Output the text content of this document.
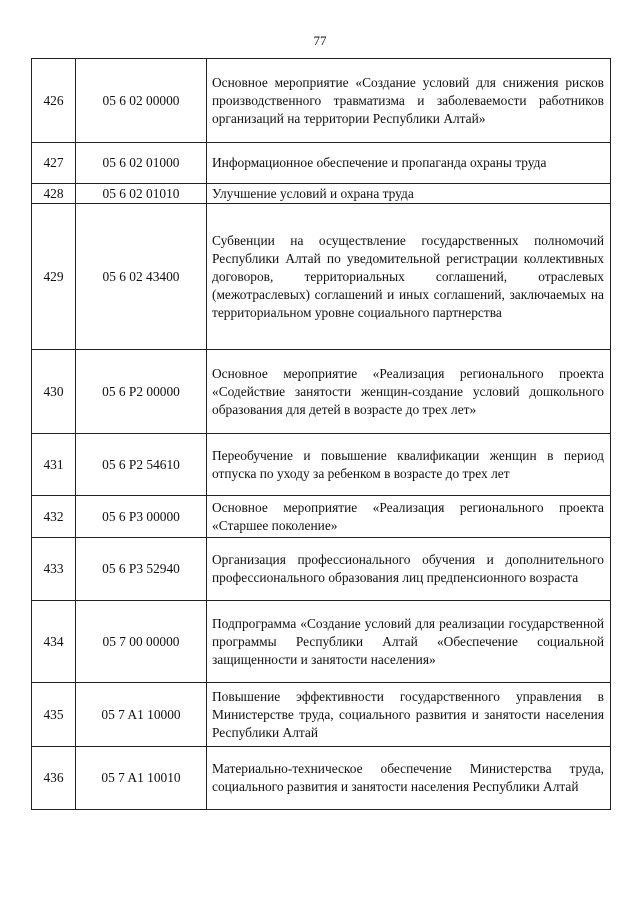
77
426	05 6 02 00000	Основное мероприятие «Создание условий для снижения рисков производственного травматизма и заболеваемости работников организаций на территории Республики Алтай»
427	05 6 02 01000	Информационное обеспечение и пропаганда охраны труда
428	05 6 02 01010	Улучшение условий и охрана труда
429	05 6 02 43400	Субвенции на осуществление государственных полномочий Республики Алтай по уведомительной регистрации коллективных договоров, территориальных соглашений, отраслевых (межотраслевых) соглашений и иных соглашений, заключаемых на территориальном уровне социального партнерства
430	05 6 P2 00000	Основное мероприятие «Реализация регионального проекта «Содействие занятости женщин-создание условий дошкольного образования для детей в возрасте до трех лет»
431	05 6 P2 54610	Переобучение и повышение квалификации женщин в период отпуска по уходу за ребенком в возрасте до трех лет
432	05 6 P3 00000	Основное мероприятие «Реализация регионального проекта «Старшее поколение»
433	05 6 P3 52940	Организация профессионального обучения и дополнительного профессионального образования лиц предпенсионного возраста
434	05 7 00 00000	Подпрограмма «Создание условий для реализации государственной программы Республики Алтай «Обеспечение социальной защищенности и занятости населения»
435	05 7 A1 10000	Повышение эффективности государственного управления в Министерстве труда, социального развития и занятости населения Республики Алтай
436	05 7 A1 10010	Материально-техническое обеспечение Министерства труда, социального развития и занятости населения Республики Алтай
